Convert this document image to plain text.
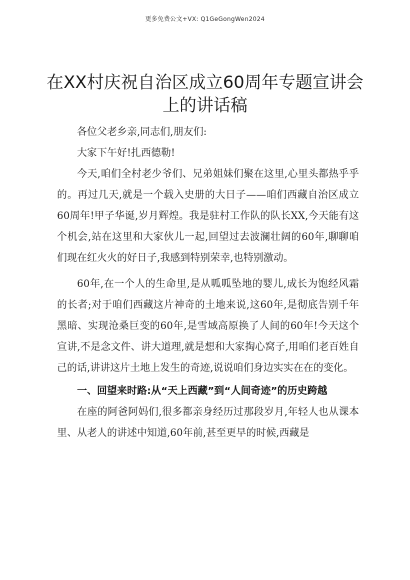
更多免费公文+VX: Q1GeGongWen2024
在XX村庆祝自治区成立60周年专题宣讲会上的讲话稿

各位父老乡亲,同志们,朋友们:

大家下午好!扎西德勒!

今天,咱们全村老少爷们、兄弟姐妹们聚在这里,心里头都热乎乎的。再过几天,就是一个载入史册的大日子——咱们西藏自治区成立60周年!甲子华诞,岁月辉煌。我是驻村工作队的队长XX,今天能有这个机会,站在这里和大家伙儿一起,回望过去波澜壮阔的60年,聊聊咱们现在红火火的好日子,我感到特别荣幸,也特别激动。

60年,在一个人的生命里,是从呱呱坠地的婴儿,成长为饱经风霜的长者;对于咱们西藏这片神奇的土地来说,这60年,是彻底告别千年黑暗、实现沧桑巨变的60年,是雪域高原换了人间的60年!今天这个宣讲,不是念文件、讲大道理,就是想和大家掏心窝子,用咱们老百姓自己的话,讲讲这片土地上发生的奇迹,说说咱们身边实实在在的变化。

一、回望来时路:从“天上西藏”到“人间奇迹”的历史跨越

在座的阿爸阿妈们,很多都亲身经历过那段岁月,年轻人也从课本里、从老人的讲述中知道,60年前,甚至更早的时候,西藏是
